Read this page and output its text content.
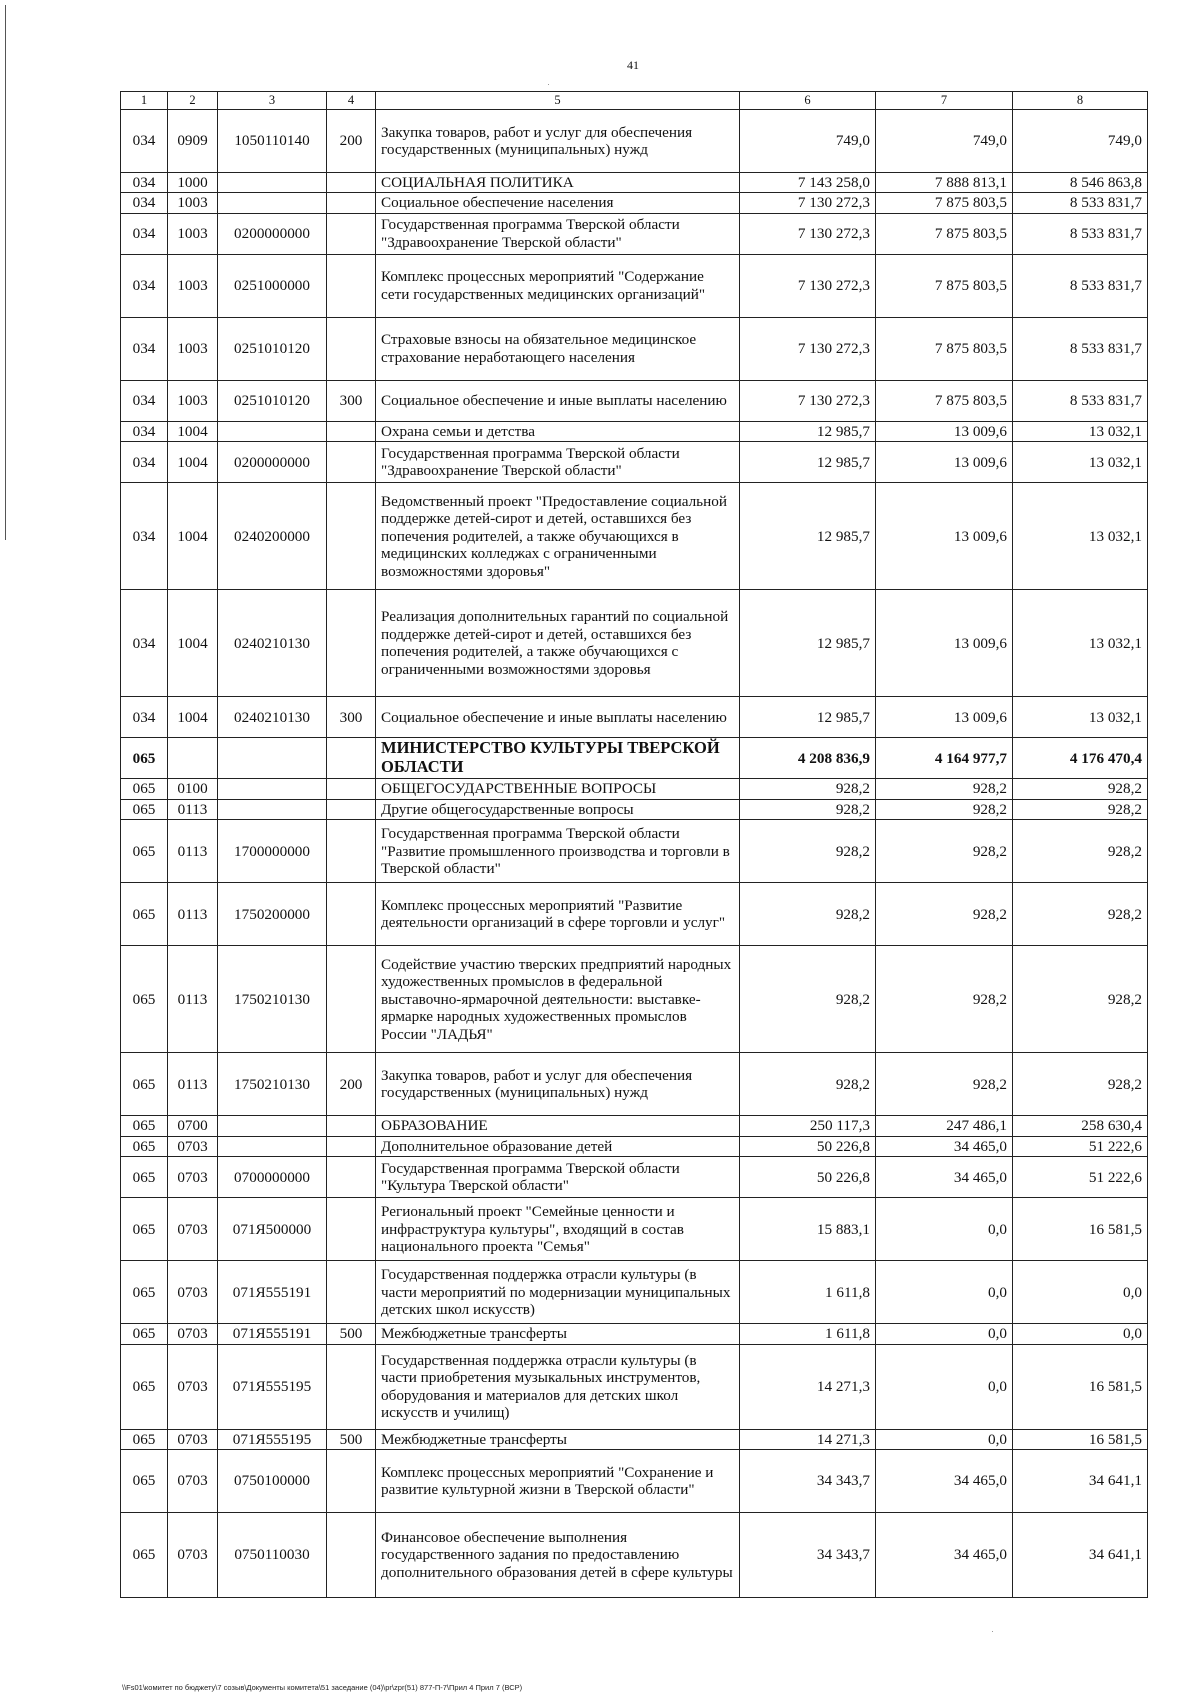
41
1	2	3	4	5	6	7	8
034	0909	1050110140	200	Закупка товаров, работ и услуг для обеспечения государственных (муниципальных) нужд	749,0	749,0	749,0
034	1000			СОЦИАЛЬНАЯ ПОЛИТИКА	7 143 258,0	7 888 813,1	8 546 863,8
034	1003			Социальное обеспечение населения	7 130 272,3	7 875 803,5	8 533 831,7
034	1003	0200000000		Государственная программа Тверской области "Здравоохранение Тверской области"	7 130 272,3	7 875 803,5	8 533 831,7
034	1003	0251000000		Комплекс процессных мероприятий "Содержание сети государственных медицинских организаций"	7 130 272,3	7 875 803,5	8 533 831,7
034	1003	0251010120		Страховые взносы на обязательное медицинское страхование неработающего населения	7 130 272,3	7 875 803,5	8 533 831,7
034	1003	0251010120	300	Социальное обеспечение и иные выплаты населению	7 130 272,3	7 875 803,5	8 533 831,7
034	1004			Охрана семьи и детства	12 985,7	13 009,6	13 032,1
034	1004	0200000000		Государственная программа Тверской области "Здравоохранение Тверской области"	12 985,7	13 009,6	13 032,1
034	1004	0240200000		Ведомственный проект "Предоставление социальной поддержке детей-сирот и детей, оставшихся без попечения родителей, а также обучающихся в медицинских колледжах с ограниченными возможностями здоровья"	12 985,7	13 009,6	13 032,1
034	1004	0240210130		Реализация дополнительных гарантий по социальной поддержке детей-сирот и детей, оставшихся без попечения родителей, а также обучающихся с ограниченными возможностями здоровья	12 985,7	13 009,6	13 032,1
034	1004	0240210130	300	Социальное обеспечение и иные выплаты населению	12 985,7	13 009,6	13 032,1
065				МИНИСТЕРСТВО КУЛЬТУРЫ ТВЕРСКОЙ ОБЛАСТИ	4 208 836,9	4 164 977,7	4 176 470,4
065	0100			ОБЩЕГОСУДАРСТВЕННЫЕ ВОПРОСЫ	928,2	928,2	928,2
065	0113			Другие общегосударственные вопросы	928,2	928,2	928,2
065	0113	1700000000		Государственная программа Тверской области "Развитие промышленного производства и торговли в Тверской области"	928,2	928,2	928,2
065	0113	1750200000		Комплекс процессных мероприятий "Развитие деятельности организаций в сфере торговли и услуг"	928,2	928,2	928,2
065	0113	1750210130		Содействие участию тверских предприятий народных художественных промыслов в федеральной выставочно-ярмарочной деятельности: выставке-ярмарке народных художественных промыслов России "ЛАДЬЯ"	928,2	928,2	928,2
065	0113	1750210130	200	Закупка товаров, работ и услуг для обеспечения государственных (муниципальных) нужд	928,2	928,2	928,2
065	0700			ОБРАЗОВАНИЕ	250 117,3	247 486,1	258 630,4
065	0703			Дополнительное образование детей	50 226,8	34 465,0	51 222,6
065	0703	0700000000		Государственная программа Тверской области "Культура Тверской области"	50 226,8	34 465,0	51 222,6
065	0703	071Я500000		Региональный проект "Семейные ценности и инфраструктура культуры", входящий в состав национального проекта "Семья"	15 883,1	0,0	16 581,5
065	0703	071Я555191		Государственная поддержка отрасли культуры (в части мероприятий по модернизации муниципальных детских школ искусств)	1 611,8	0,0	0,0
065	0703	071Я555191	500	Межбюджетные трансферты	1 611,8	0,0	0,0
065	0703	071Я555195		Государственная поддержка отрасли культуры (в части приобретения музыкальных инструментов, оборудования и материалов для детских школ искусств и училищ)	14 271,3	0,0	16 581,5
065	0703	071Я555195	500	Межбюджетные трансферты	14 271,3	0,0	16 581,5
065	0703	0750100000		Комплекс процессных мероприятий "Сохранение и развитие культурной жизни в Тверской области"	34 343,7	34 465,0	34 641,1
065	0703	0750110030		Финансовое обеспечение выполнения государственного задания по предоставлению дополнительного образования детей в сфере культуры	34 343,7	34 465,0	34 641,1
\\Fs01\комитет по бюджету\7 созыв\Документы комитета\51 заседание (04)\pr\zpr(51) 877-П-7\Прил 4 Прил 7 (ВСР)
